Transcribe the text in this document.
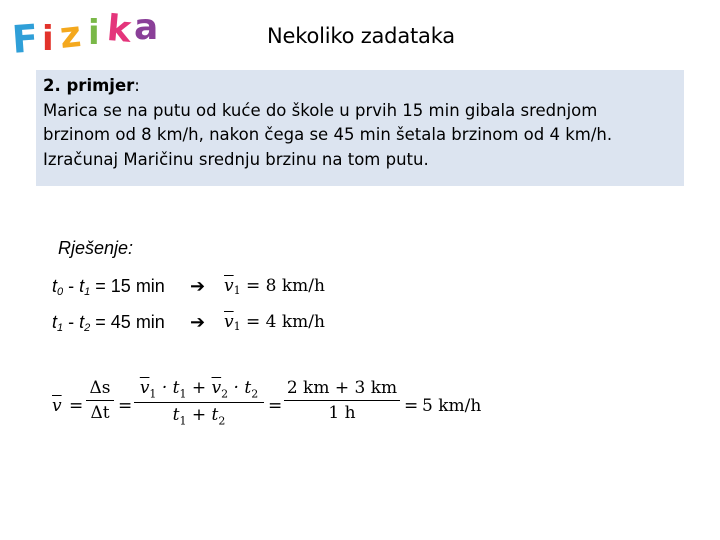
F i z i k a	Nekoliko zadataka
2. primjer:
Marica se na putu od kuće do škole u prvih 15 min gibala srednjom
brzinom od 8 km/h, nakon čega se 45 min šetala brzinom od 4 km/h.
Izračunaj Maričinu srednju brzinu na tom putu.
Rješenje:
$t_0 - t_1 = 15$ min ➔ $\overline{v}_1 = 8$ km/h
$t_1 - t_2 = 45$ min ➔ $\overline{v}_1 = 4$ km/h
$\overline{v} = \frac{\Delta s}{\Delta t} = \frac{\overline{v}_1 \cdot t_1 + \overline{v}_2 \cdot t_2}{t_1 + t_2} = \frac{2 km + 3 km}{1 h} = 5$ km/h
